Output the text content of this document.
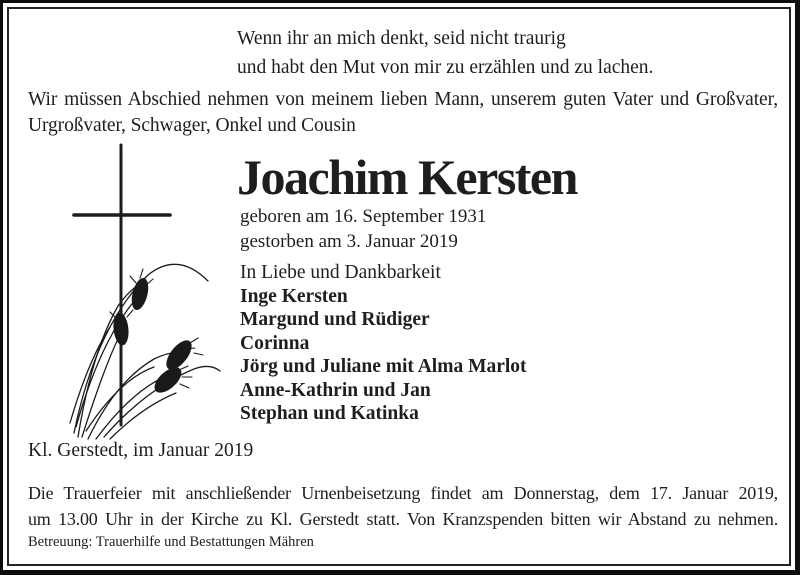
Wenn ihr an mich denkt, seid nicht traurig
und habt den Mut von mir zu erzählen und zu lachen.
Wir müssen Abschied nehmen von meinem lieben Mann, unserem guten Vater und Großvater,
Urgroßvater, Schwager, Onkel und Cousin
Joachim Kersten
geboren am 16. September 1931
gestorben am 3. Januar 2019
In Liebe und Dankbarkeit
Inge Kersten
Margund und Rüdiger
Corinna
Jörg und Juliane mit Alma Marlot
Anne-Kathrin und Jan
Stephan und Katinka
Kl. Gerstedt, im Januar 2019
Die Trauerfeier mit anschließender Urnenbeisetzung findet am Donnerstag, dem 17. Januar 2019,
um 13.00 Uhr in der Kirche zu Kl. Gerstedt statt. Von Kranzspenden bitten wir Abstand zu nehmen.
Betreuung: Trauerhilfe und Bestattungen Mähren
